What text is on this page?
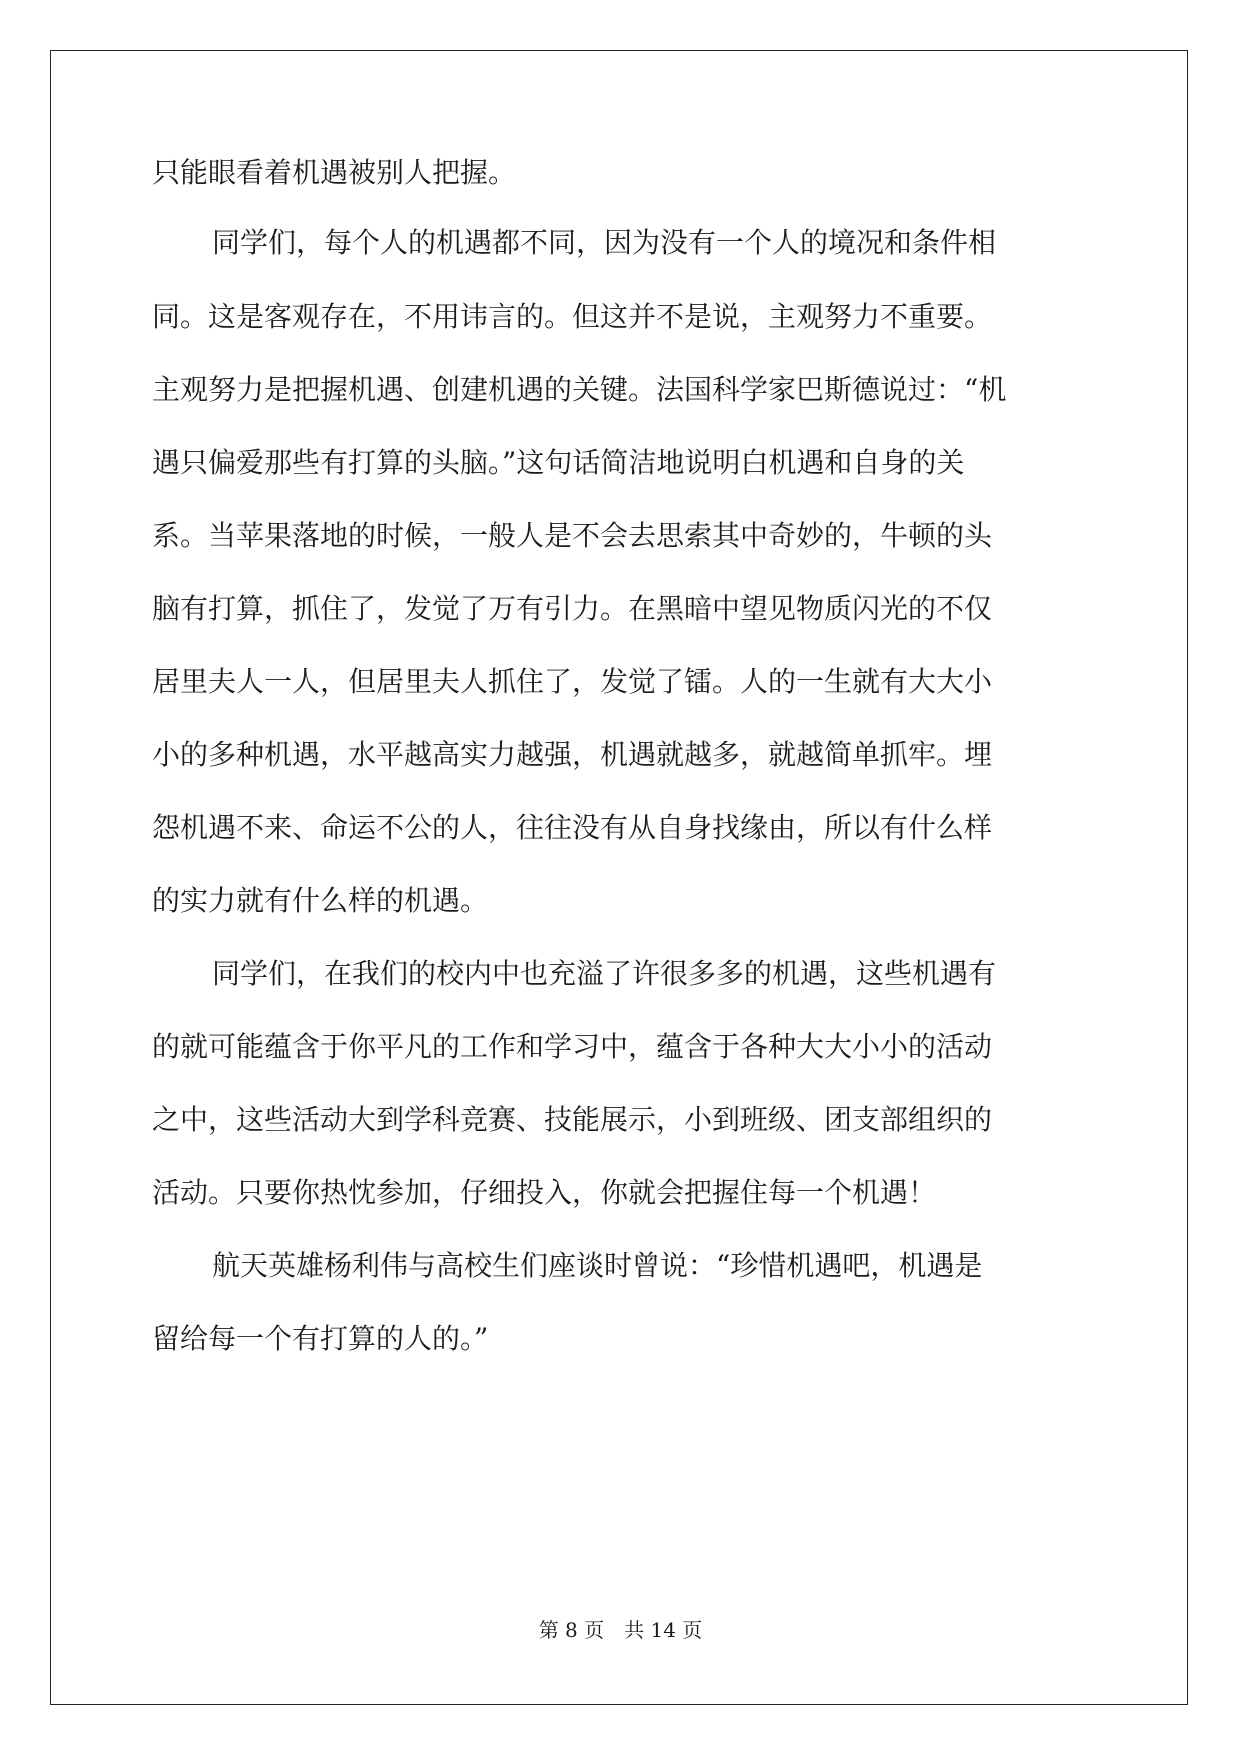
只能眼看着机遇被别人把握。
同学们，每个人的机遇都不同，因为没有一个人的境况和条件相
同。这是客观存在，不用讳言的。但这并不是说，主观努力不重要。
主观努力是把握机遇、创建机遇的关键。法国科学家巴斯德说过：“机
遇只偏爱那些有打算的头脑。”这句话简洁地说明白机遇和自身的关
系。当苹果落地的时候，一般人是不会去思索其中奇妙的，牛顿的头
脑有打算，抓住了，发觉了万有引力。在黑暗中望见物质闪光的不仅
居里夫人一人，但居里夫人抓住了，发觉了镭。人的一生就有大大小
小的多种机遇，水平越高实力越强，机遇就越多，就越简单抓牢。埋
怨机遇不来、命运不公的人，往往没有从自身找缘由，所以有什么样
的实力就有什么样的机遇。
同学们，在我们的校内中也充溢了许很多多的机遇，这些机遇有
的就可能蕴含于你平凡的工作和学习中，蕴含于各种大大小小的活动
之中，这些活动大到学科竞赛、技能展示，小到班级、团支部组织的
活动。只要你热忱参加，仔细投入，你就会把握住每一个机遇！
航天英雄杨利伟与高校生们座谈时曾说：“珍惜机遇吧，机遇是
留给每一个有打算的人的。”
第 8 页　共 14 页
